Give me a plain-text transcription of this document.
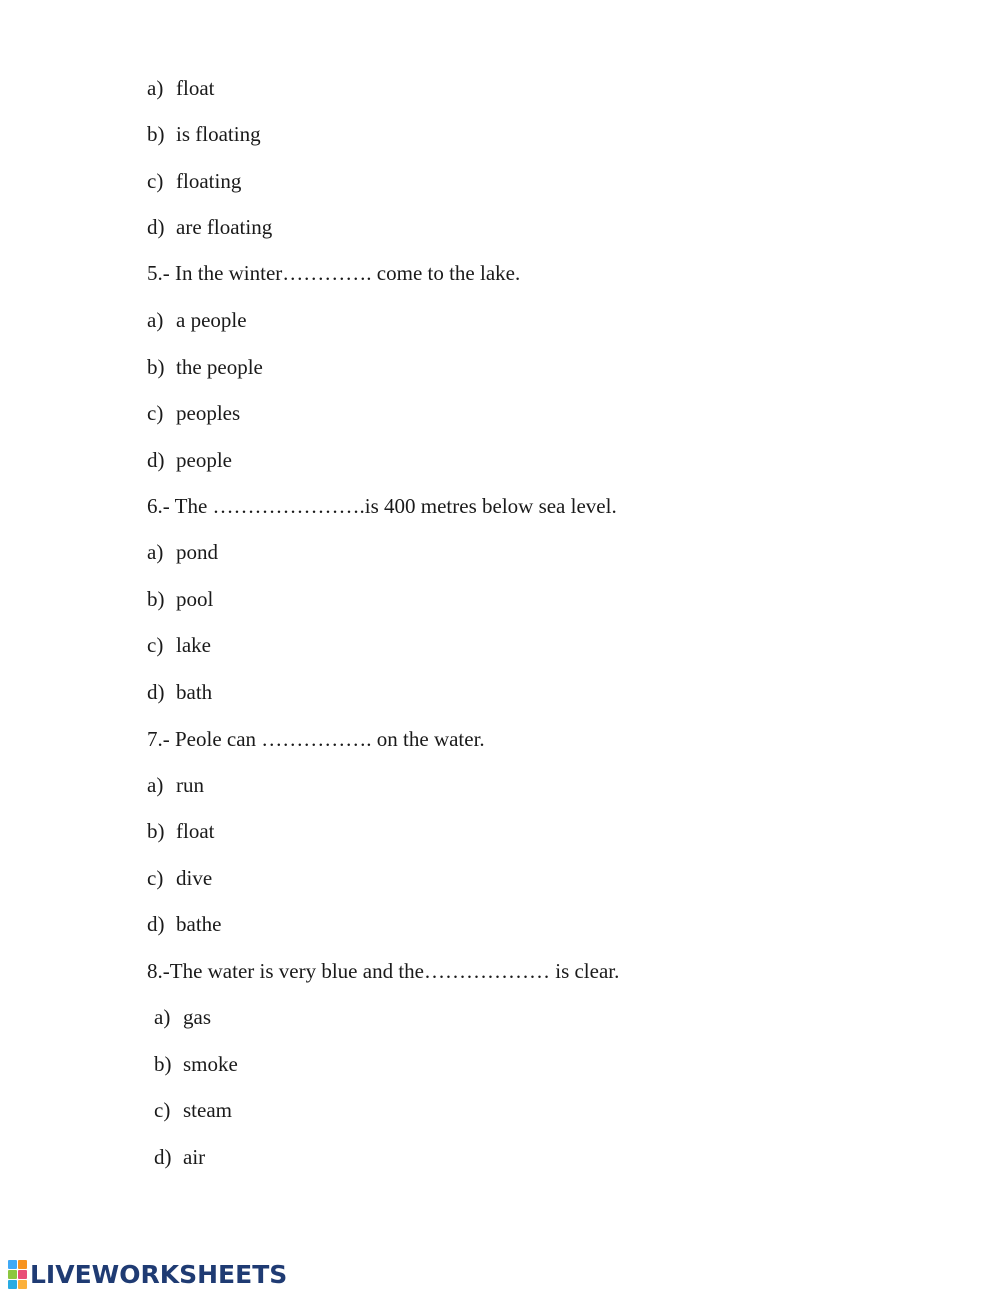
a) float
b) is floating
c) floating
d) are floating
5.- In the winter…………. come to the lake.
a) a people
b) the people
c) peoples
d) people
6.- The ………………….is 400 metres below sea level.
a) pond
b) pool
c) lake
d) bath
7.- Peole can ……………. on the water.
a) run
b) float
c) dive
d) bathe
8.-The water is very blue and the……………… is clear.
a) gas
b) smoke
c) steam
d) air
LIVEWORKSHEETS
